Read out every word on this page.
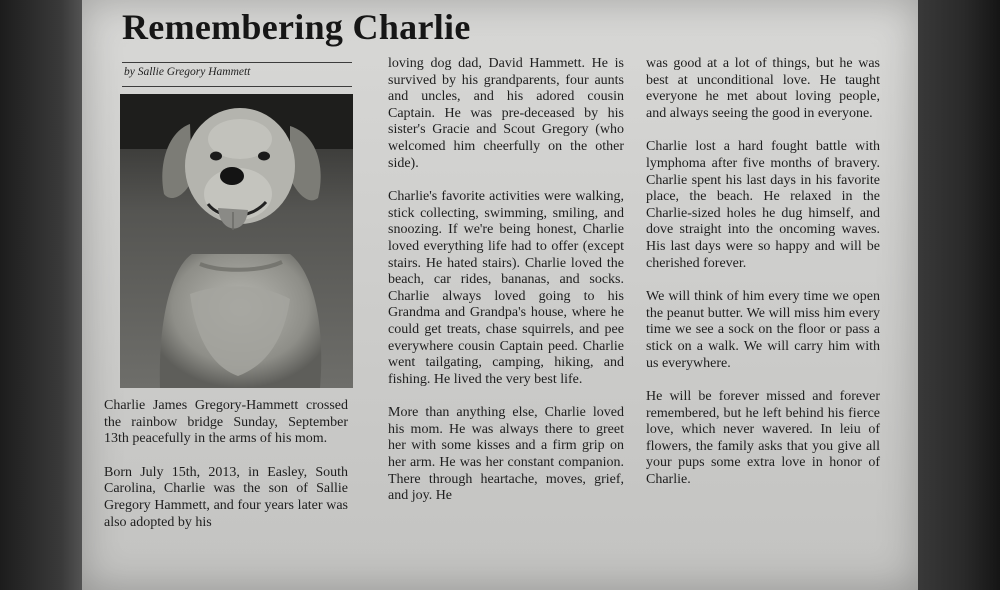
Remembering Charlie
by Sallie Gregory Hammett

Charlie James Gregory-Hammett crossed the rainbow bridge Sunday, September 13th peacefully in the arms of his mom.

Born July 15th, 2013, in Easley, South Carolina, Charlie was the son of Sallie Gregory Hammett, and four years later was also adopted by his

loving dog dad, David Hammett. He is survived by his grandparents, four aunts and uncles, and his adored cousin Captain. He was pre-deceased by his sister's Gracie and Scout Gregory (who welcomed him cheerfully on the other side).

Charlie's favorite activities were walking, stick collecting, swimming, smiling, and snoozing. If we're being honest, Charlie loved everything life had to offer (except stairs. He hated stairs). Charlie loved the beach, car rides, bananas, and socks. Charlie always loved going to his Grandma and Grandpa's house, where he could get treats, chase squirrels, and pee everywhere cousin Captain peed. Charlie went tailgating, camping, hiking, and fishing. He lived the very best life.

More than anything else, Charlie loved his mom. He was always there to greet her with some kisses and a firm grip on her arm. He was her constant companion. There through heartache, moves, grief, and joy. He

was good at a lot of things, but he was best at unconditional love. He taught everyone he met about loving people, and always seeing the good in everyone.

Charlie lost a hard fought battle with lymphoma after five months of bravery. Charlie spent his last days in his favorite place, the beach. He relaxed in the Charlie-sized holes he dug himself, and dove straight into the oncoming waves. His last days were so happy and will be cherished forever.

We will think of him every time we open the peanut butter. We will miss him every time we see a sock on the floor or pass a stick on a walk. We will carry him with us everywhere.

He will be forever missed and forever remembered, but he left behind his fierce love, which never wavered. In leiu of flowers, the family asks that you give all your pups some extra love in honor of Charlie.
